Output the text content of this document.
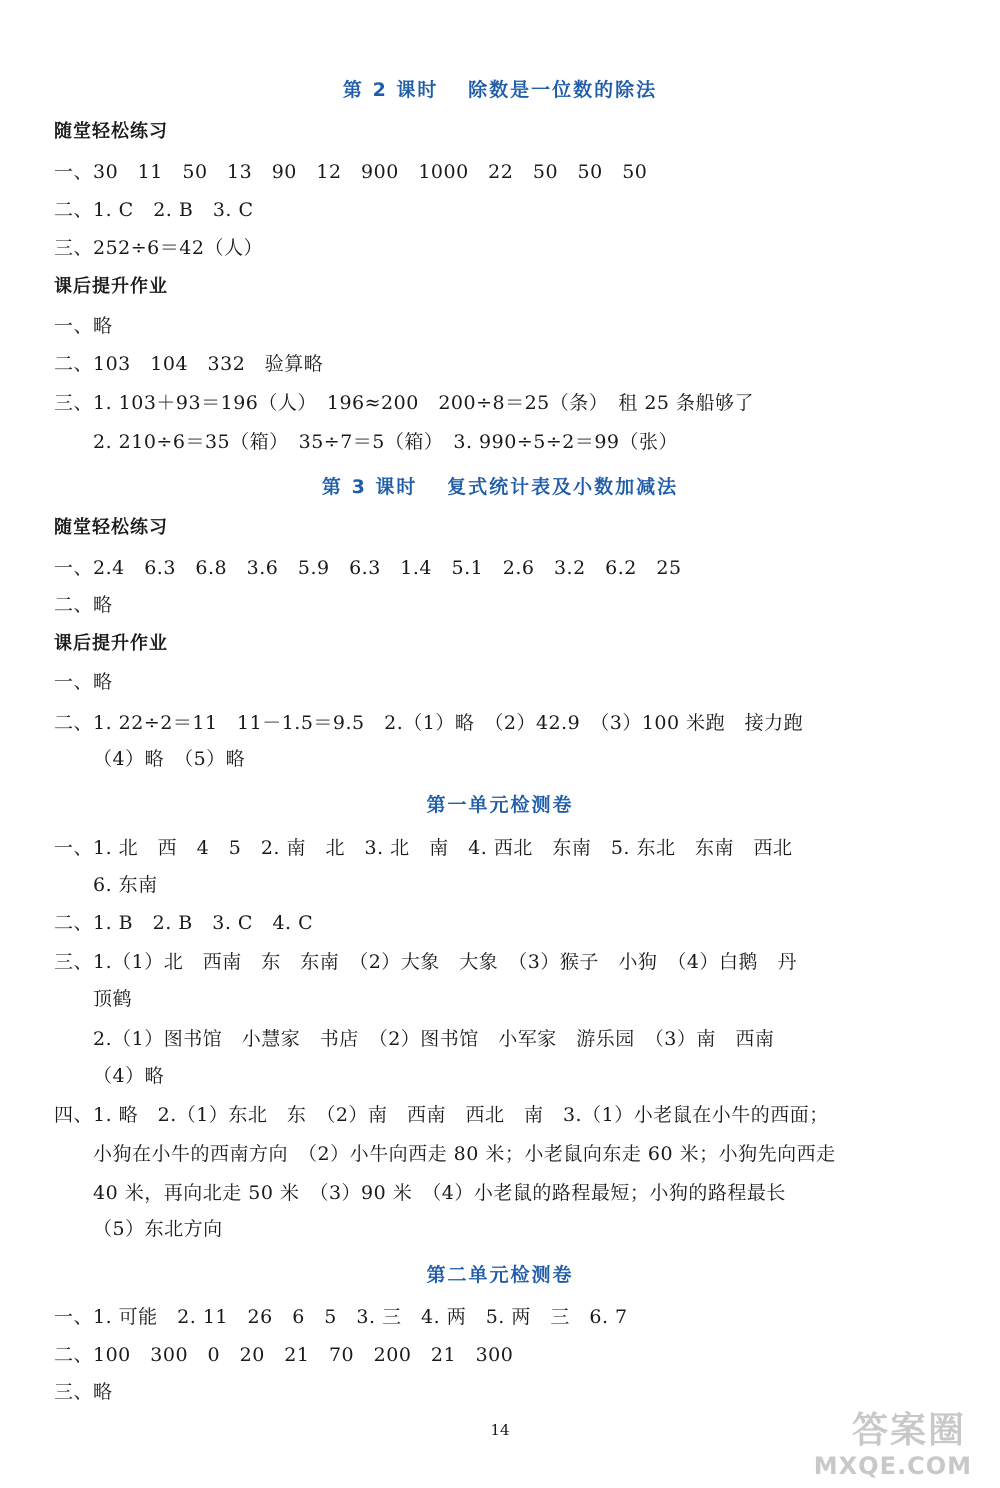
第 2 课时　 除数是一位数的除法
随堂轻松练习
一、30　11　50　13　90　12　900　1000　22　50　50　50
二、1. C　2. B　3. C
三、252÷6＝42（人）
课后提升作业
一、略
二、103　104　332　验算略
三、1. 103＋93＝196（人）　196≈200　200÷8＝25（条）　租 25 条船够了
2. 210÷6＝35（箱）　35÷7＝5（箱）　3. 990÷5÷2＝99（张）
第 3 课时　 复式统计表及小数加减法
随堂轻松练习
一、2.4　6.3　6.8　3.6　5.9　6.3　1.4　5.1　2.6　3.2　6.2　25
二、略
课后提升作业
一、略
二、1. 22÷2＝11　11－1.5＝9.5　2.（1）略　（2）42.9　（3）100 米跑　接力跑
（4）略　（5）略
第一单元检测卷
一、1. 北　西　4　5　2. 南　北　3. 北　南　4. 西北　东南　5. 东北　东南　西北
6. 东南
二、1. B　2. B　3. C　4. C
三、1.（1）北　西南　东　东南　（2）大象　大象　（3）猴子　小狗　（4）白鹅　丹
顶鹤
2.（1）图书馆　小慧家　书店　（2）图书馆　小军家　游乐园　（3）南　西南
（4）略
四、1. 略　2.（1）东北　东　（2）南　西南　西北　南　3.（1）小老鼠在小牛的西面；
小狗在小牛的西南方向　（2）小牛向西走 80 米；小老鼠向东走 60 米；小狗先向西走
40 米，再向北走 50 米　（3）90 米　（4）小老鼠的路程最短；小狗的路程最长
（5）东北方向
第二单元检测卷
一、1. 可能　2. 11　26　6　5　3. 三　4. 两　5. 两　三　6. 7
二、100　300　0　20　21　70　200　21　300
三、略
14	答案圈
MXQE.COM
